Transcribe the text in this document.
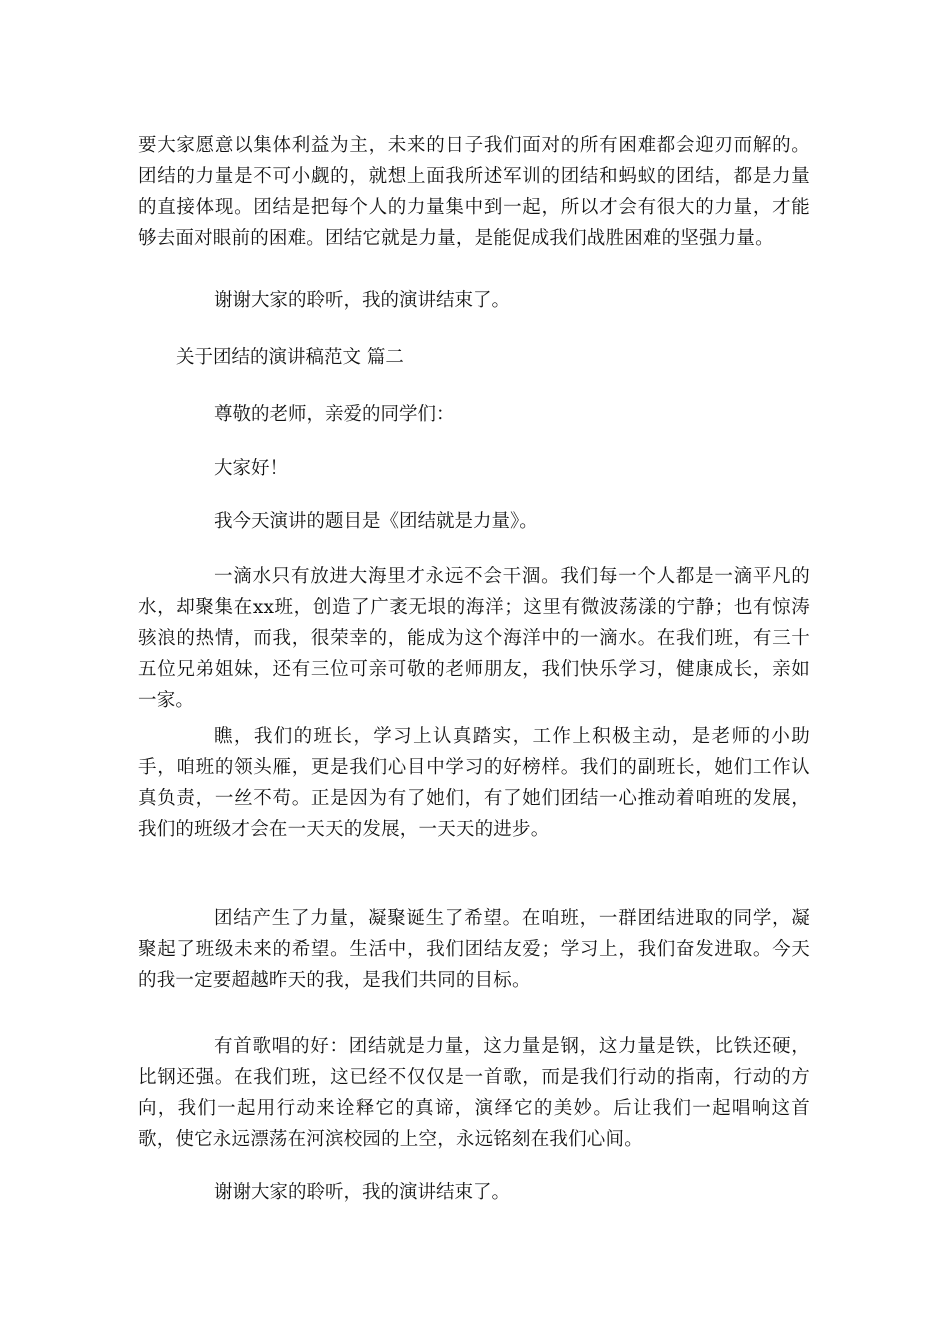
要大家愿意以集体利益为主，未来的日子我们面对的所有困难都会迎刃而解的。团结的力量是不可小觑的，就想上面我所述军训的团结和蚂蚁的团结，都是力量的直接体现。团结是把每个人的力量集中到一起，所以才会有很大的力量，才能够去面对眼前的困难。团结它就是力量，是能促成我们战胜困难的坚强力量。
谢谢大家的聆听，我的演讲结束了。
关于团结的演讲稿范文 篇二
尊敬的老师，亲爱的同学们：
大家好！
我今天演讲的题目是《团结就是力量》。
一滴水只有放进大海里才永远不会干涸。我们每一个人都是一滴平凡的水，却聚集在xx班，创造了广袤无垠的海洋；这里有微波荡漾的宁静；也有惊涛骇浪的热情，而我，很荣幸的，能成为这个海洋中的一滴水。在我们班，有三十五位兄弟姐妹，还有三位可亲可敬的老师朋友，我们快乐学习，健康成长，亲如一家。
瞧，我们的班长，学习上认真踏实，工作上积极主动，是老师的小助手，咱班的领头雁，更是我们心目中学习的好榜样。我们的副班长，她们工作认真负责，一丝不苟。正是因为有了她们，有了她们团结一心推动着咱班的发展，我们的班级才会在一天天的发展，一天天的进步。
团结产生了力量，凝聚诞生了希望。在咱班，一群团结进取的同学，凝聚起了班级未来的希望。生活中，我们团结友爱；学习上，我们奋发进取。今天的我一定要超越昨天的我，是我们共同的目标。
有首歌唱的好：团结就是力量，这力量是钢，这力量是铁，比铁还硬，比钢还强。在我们班，这已经不仅仅是一首歌，而是我们行动的指南，行动的方向，我们一起用行动来诠释它的真谛，演绎它的美妙。后让我们一起唱响这首歌，使它永远漂荡在河滨校园的上空，永远铭刻在我们心间。
谢谢大家的聆听，我的演讲结束了。
